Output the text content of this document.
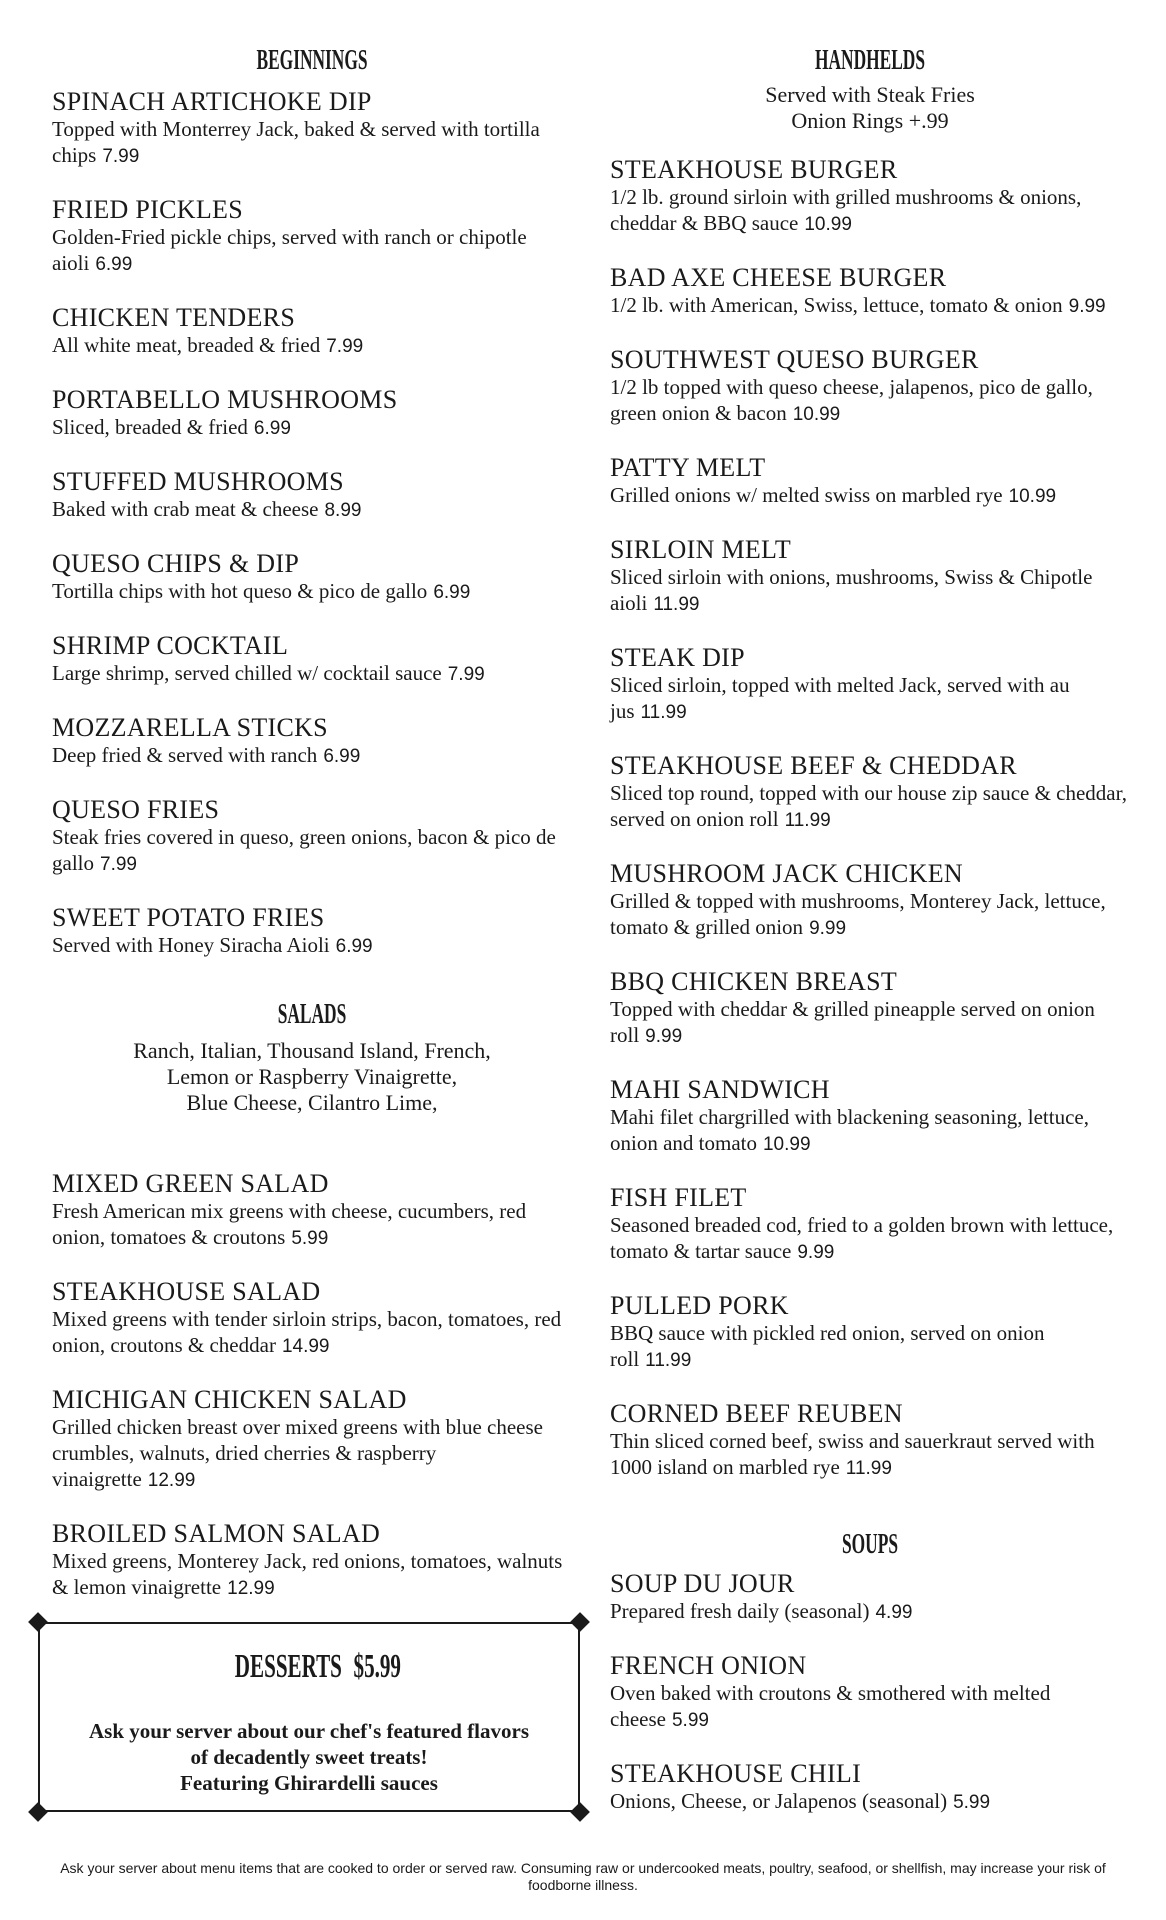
BEGINNINGS
SPINACH ARTICHOKE DIP
Topped with Monterrey Jack, baked & served with tortilla chips 7.99
FRIED PICKLES
Golden-Fried pickle chips, served with ranch or chipotle aioli 6.99
CHICKEN TENDERS
All white meat, breaded & fried 7.99
PORTABELLO MUSHROOMS
Sliced, breaded & fried 6.99
STUFFED MUSHROOMS
Baked with crab meat & cheese 8.99
QUESO CHIPS & DIP
Tortilla chips with hot queso & pico de gallo 6.99
SHRIMP COCKTAIL
Large shrimp, served chilled w/ cocktail sauce 7.99
MOZZARELLA STICKS
Deep fried & served with ranch 6.99
QUESO FRIES
Steak fries covered in queso, green onions, bacon & pico de gallo 7.99
SWEET POTATO FRIES
Served with Honey Siracha Aioli 6.99
SALADS
Ranch, Italian, Thousand Island, French,
Lemon or Raspberry Vinaigrette,
Blue Cheese, Cilantro Lime,
MIXED GREEN SALAD
Fresh American mix greens with cheese, cucumbers, red onion, tomatoes & croutons 5.99
STEAKHOUSE SALAD
Mixed greens with tender sirloin strips, bacon, tomatoes, red onion, croutons & cheddar 14.99
MICHIGAN CHICKEN SALAD
Grilled chicken breast over mixed greens with blue cheese crumbles, walnuts, dried cherries & raspberry vinaigrette 12.99
BROILED SALMON SALAD
Mixed greens, Monterey Jack, red onions, tomatoes, walnuts & lemon vinaigrette 12.99
DESSERTS $5.99
Ask your server about our chef's featured flavors
of decadently sweet treats!
Featuring Ghirardelli sauces
HANDHELDS
Served with Steak Fries
Onion Rings +.99
STEAKHOUSE BURGER
1/2 lb. ground sirloin with grilled mushrooms & onions, cheddar & BBQ sauce 10.99
BAD AXE CHEESE BURGER
1/2 lb. with American, Swiss, lettuce, tomato & onion 9.99
SOUTHWEST QUESO BURGER
1/2 lb topped with queso cheese, jalapenos, pico de gallo, green onion & bacon 10.99
PATTY MELT
Grilled onions w/ melted swiss on marbled rye 10.99
SIRLOIN MELT
Sliced sirloin with onions, mushrooms, Swiss & Chipotle aioli 11.99
STEAK DIP
Sliced sirloin, topped with melted Jack, served with au jus 11.99
STEAKHOUSE BEEF & CHEDDAR
Sliced top round, topped with our house zip sauce & cheddar, served on onion roll 11.99
MUSHROOM JACK CHICKEN
Grilled & topped with mushrooms, Monterey Jack, lettuce, tomato & grilled onion 9.99
BBQ CHICKEN BREAST
Topped with cheddar & grilled pineapple served on onion roll 9.99
MAHI SANDWICH
Mahi filet chargrilled with blackening seasoning, lettuce, onion and tomato 10.99
FISH FILET
Seasoned breaded cod, fried to a golden brown with lettuce, tomato & tartar sauce 9.99
PULLED PORK
BBQ sauce with pickled red onion, served on onion roll 11.99
CORNED BEEF REUBEN
Thin sliced corned beef, swiss and sauerkraut served with 1000 island on marbled rye 11.99
SOUPS
SOUP DU JOUR
Prepared fresh daily (seasonal) 4.99
FRENCH ONION
Oven baked with croutons & smothered with melted cheese 5.99
STEAKHOUSE CHILI
Onions, Cheese, or Jalapenos (seasonal) 5.99
Ask your server about menu items that are cooked to order or served raw. Consuming raw or undercooked meats, poultry, seafood, or shellfish, may increase your risk of foodborne illness.
